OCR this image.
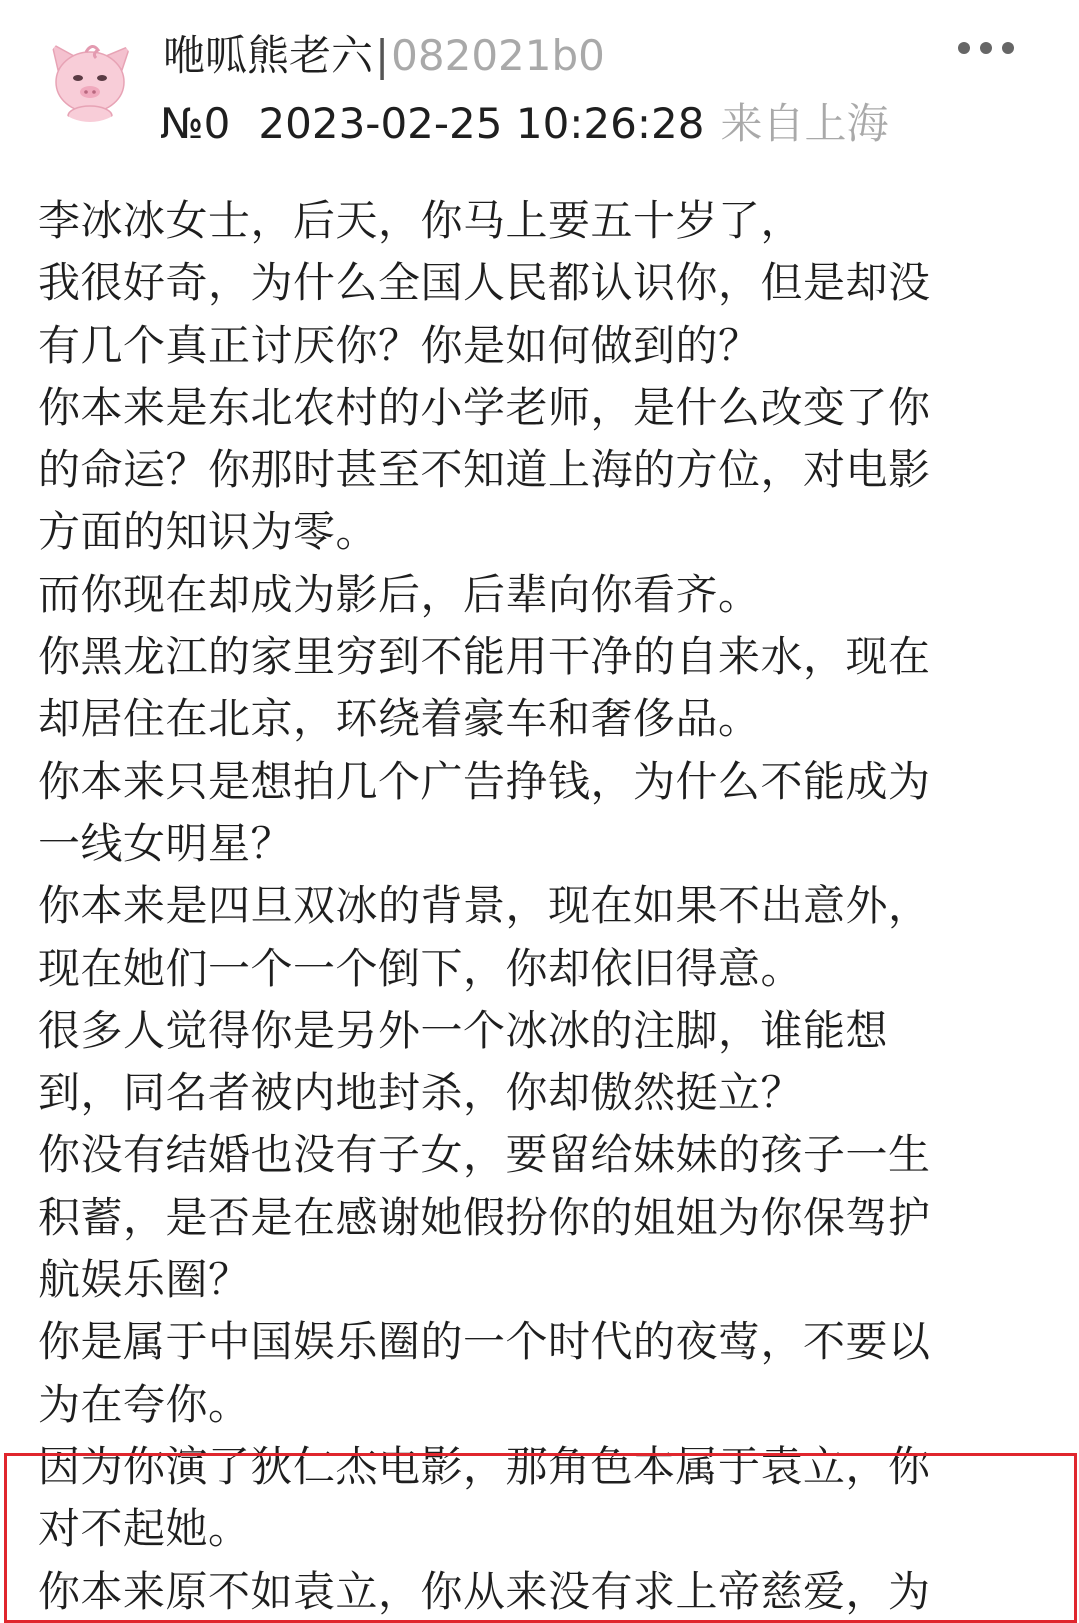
咃呱熊老六|082021b0
№0 2023-02-25 10:26:28 来自上海
李冰冰女士，后天，你马上要五十岁了，
我很好奇，为什么全国人民都认识你，但是却没
有几个真正讨厌你？你是如何做到的？
你本来是东北农村的小学老师，是什么改变了你
的命运？你那时甚至不知道上海的方位，对电影
方面的知识为零。
而你现在却成为影后，后辈向你看齐。
你黑龙江的家里穷到不能用干净的自来水，现在
却居住在北京，环绕着豪车和奢侈品。
你本来只是想拍几个广告挣钱，为什么不能成为
一线女明星？
你本来是四旦双冰的背景，现在如果不出意外，
现在她们一个一个倒下，你却依旧得意。
很多人觉得你是另外一个冰冰的注脚，谁能想
到，同名者被内地封杀，你却傲然挺立？
你没有结婚也没有子女，要留给妹妹的孩子一生
积蓄，是否是在感谢她假扮你的姐姐为你保驾护
航娱乐圈？
你是属于中国娱乐圈的一个时代的夜莺，不要以
为在夸你。
因为你演了狄仁杰电影，那角色本属于袁立，你
对不起她。
你本来原不如袁立，你从来没有求上帝慈爱，为
